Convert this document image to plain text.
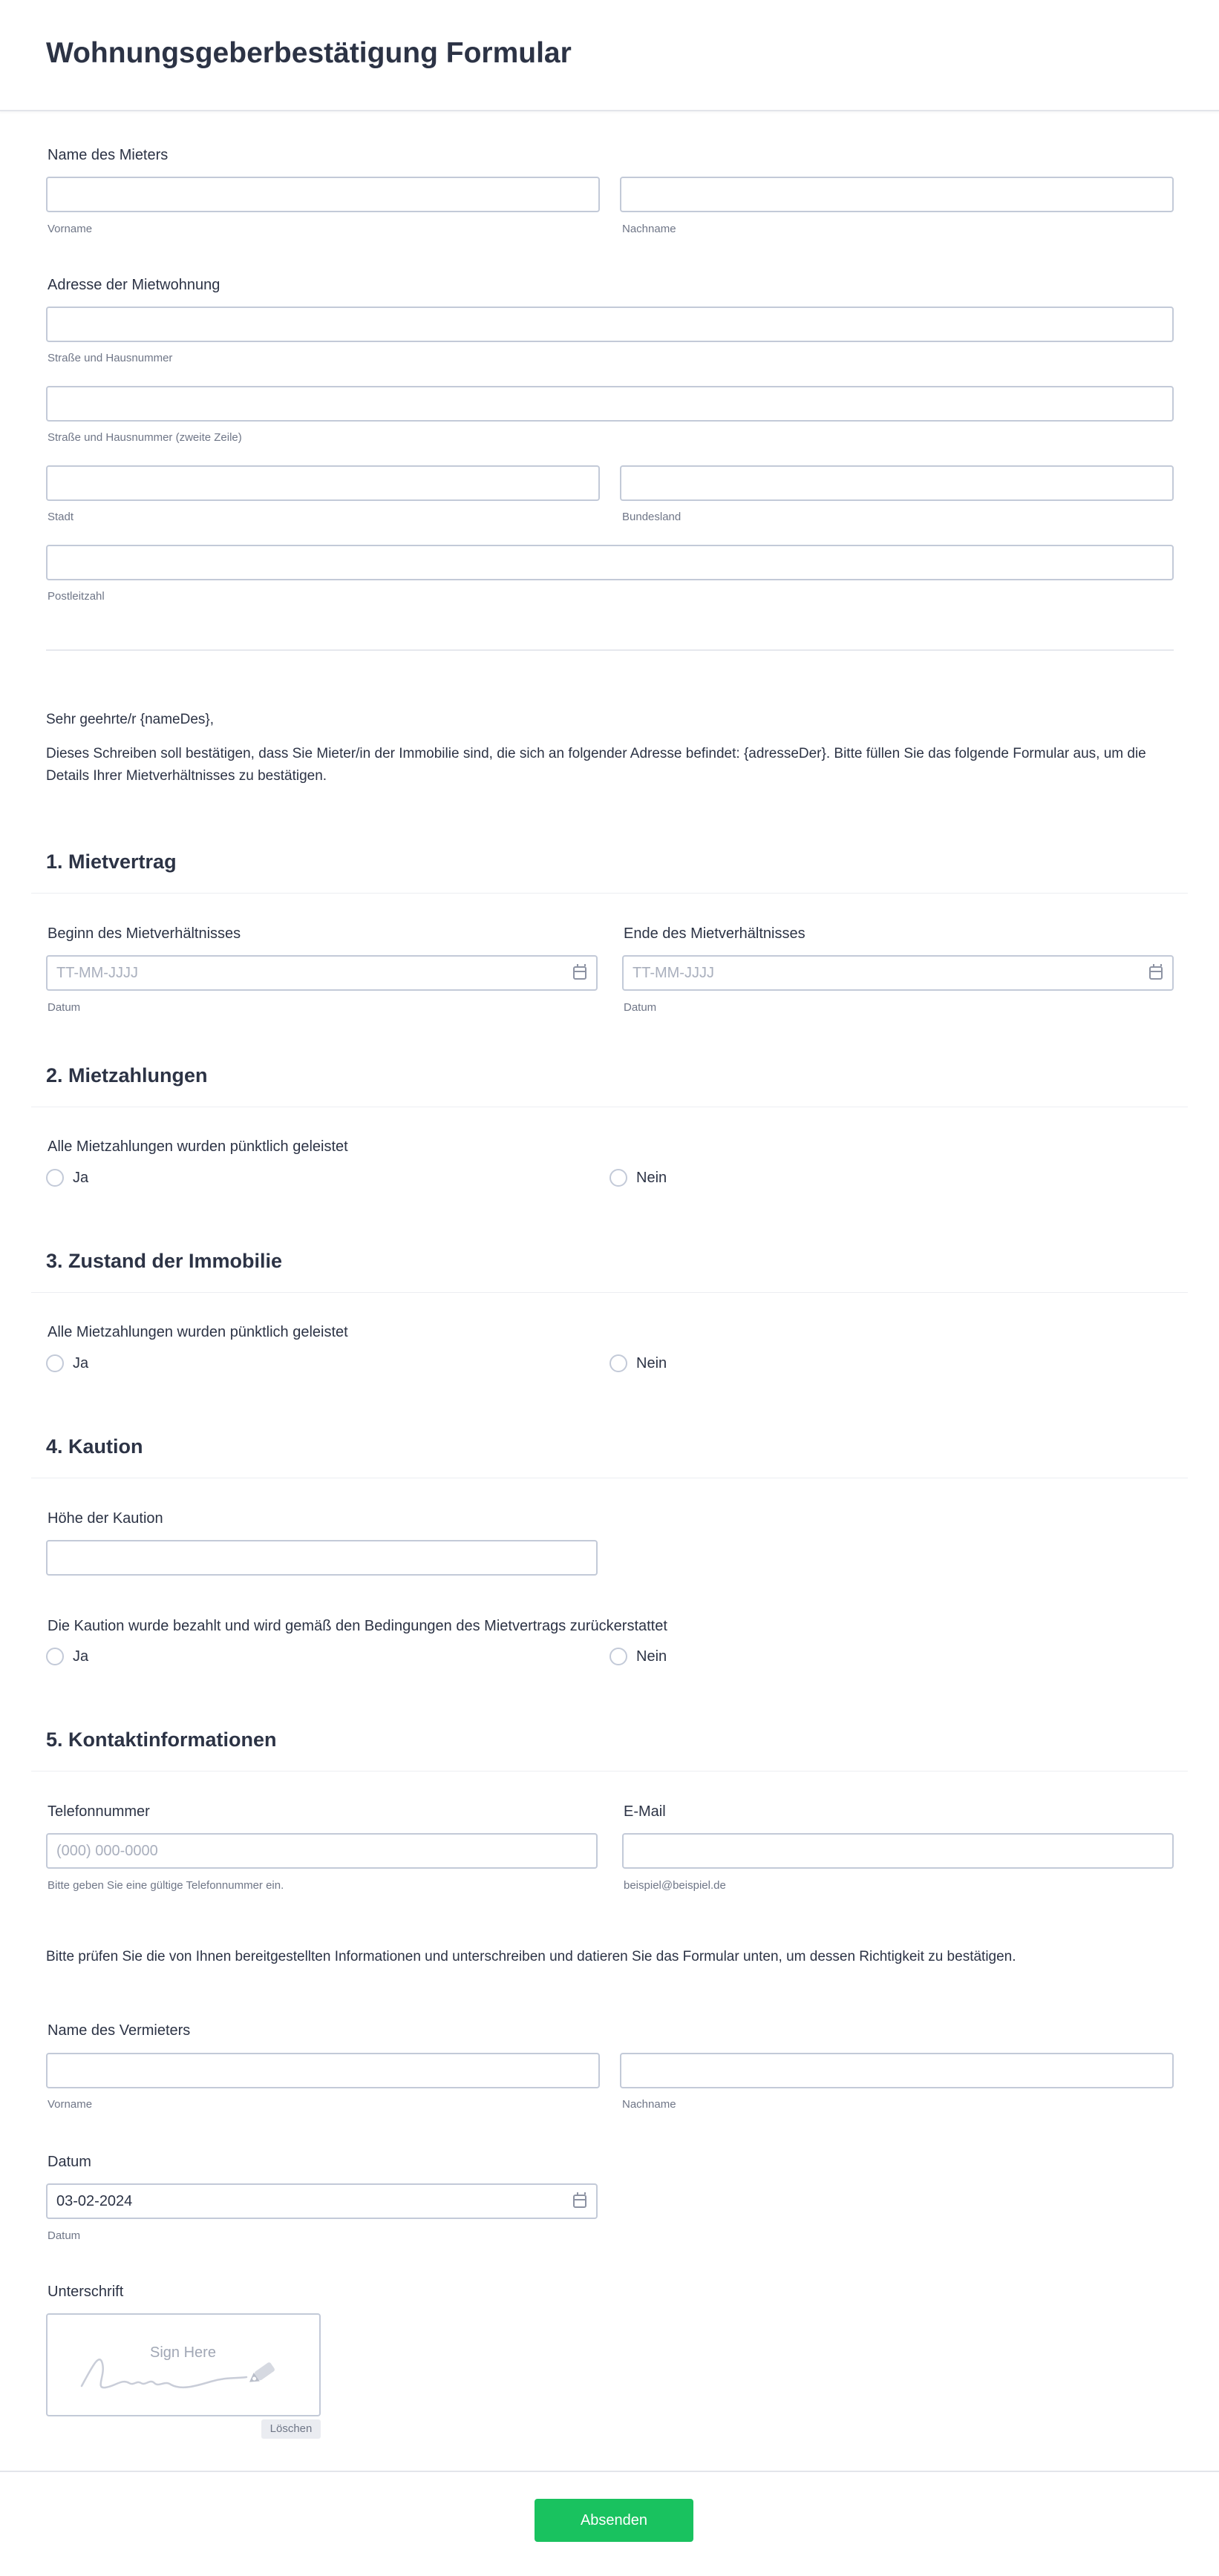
Wohnungsgeberbestätigung Formular
Name des Mieters
Vorname	Nachname
Adresse der Mietwohnung
Straße und Hausnummer
Straße und Hausnummer (zweite Zeile)
Stadt	Bundesland
Postleitzahl
Sehr geehrte/r {nameDes},
Dieses Schreiben soll bestätigen, dass Sie Mieter/in der Immobilie sind, die sich an folgender Adresse befindet: {adresseDer}. Bitte füllen Sie das folgende Formular aus, um die
Details Ihrer Mietverhältnisses zu bestätigen.
1. Mietvertrag
Beginn des Mietverhältnisses	Ende des Mietverhältnisses
TT-MM-JJJJ
TT-MM-JJJJ
Datum	Datum
2. Mietzahlungen
Alle Mietzahlungen wurden pünktlich geleistet
Ja	Nein
3. Zustand der Immobilie
Alle Mietzahlungen wurden pünktlich geleistet
Ja	Nein
4. Kaution
Höhe der Kaution
Die Kaution wurde bezahlt und wird gemäß den Bedingungen des Mietvertrags zurückerstattet
Ja	Nein
5. Kontaktinformationen
Telefonnummer	E-Mail
(000) 000-0000
Bitte geben Sie eine gültige Telefonnummer ein.	beispiel@beispiel.de
Bitte prüfen Sie die von Ihnen bereitgestellten Informationen und unterschreiben und datieren Sie das Formular unten, um dessen Richtigkeit zu bestätigen.
Name des Vermieters
Vorname	Nachname
Datum
03-02-2024
Datum
Unterschrift
Sign Here
Löschen
Absenden
